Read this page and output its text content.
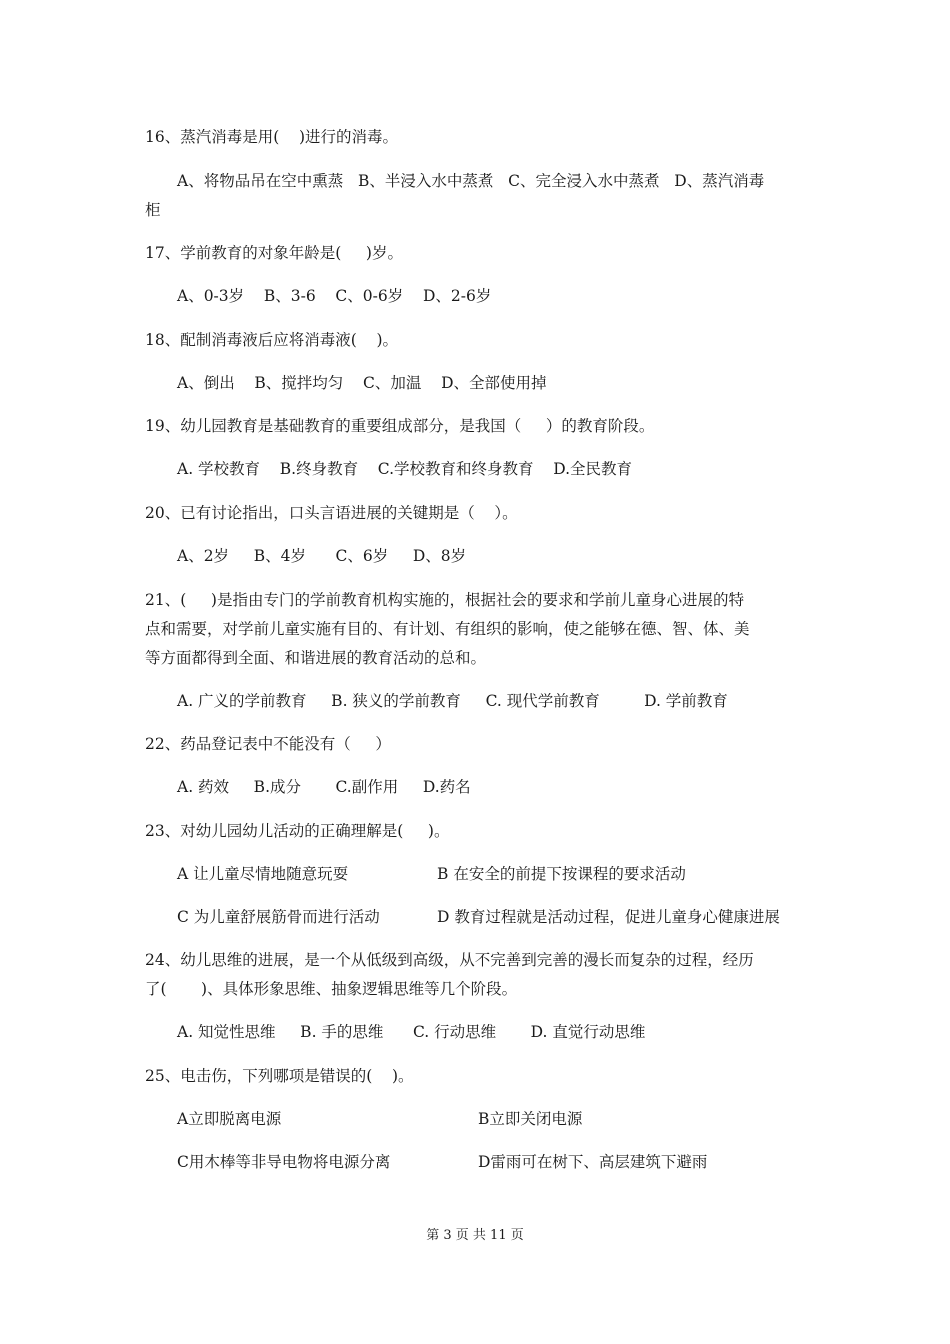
16、蒸汽消毒是用(    )进行的消毒。
A、将物品吊在空中熏蒸   B、半浸入水中蒸煮   C、完全浸入水中蒸煮   D、蒸汽消毒
柜
17、学前教育的对象年龄是(     )岁。
A、0-3岁    B、3-6    C、0-6岁    D、2-6岁
18、配制消毒液后应将消毒液(    )。
A、倒出    B、搅拌均匀    C、加温    D、全部使用掉
19、幼儿园教育是基础教育的重要组成部分，是我国（     ）的教育阶段。
A. 学校教育    B.终身教育    C.学校教育和终身教育    D.全民教育
20、已有讨论指出，口头言语进展的关键期是（    ）。
A、2岁     B、4岁      C、6岁     D、8岁
21、(     )是指由专门的学前教育机构实施的，根据社会的要求和学前儿童身心进展的特
点和需要，对学前儿童实施有目的、有计划、有组织的影响，使之能够在德、智、体、美
等方面都得到全面、和谐进展的教育活动的总和。
A. 广义的学前教育     B. 狭义的学前教育     C. 现代学前教育         D. 学前教育
22、药品登记表中不能没有（     ）
A. 药效     B.成分       C.副作用     D.药名
23、对幼儿园幼儿活动的正确理解是(     )。
A 让儿童尽情地随意玩耍	B 在安全的前提下按课程的要求活动
C 为儿童舒展筋骨而进行活动	D 教育过程就是活动过程，促进儿童身心健康进展
24、幼儿思维的进展，是一个从低级到高级，从不完善到完善的漫长而复杂的过程，经历
了(       )、具体形象思维、抽象逻辑思维等几个阶段。
A. 知觉性思维     B. 手的思维      C. 行动思维       D. 直觉行动思维
25、电击伤，下列哪项是错误的(    )。
A立即脱离电源	B立即关闭电源
C用木棒等非导电物将电源分离	D雷雨可在树下、高层建筑下避雨
第 3 页 共 11 页
